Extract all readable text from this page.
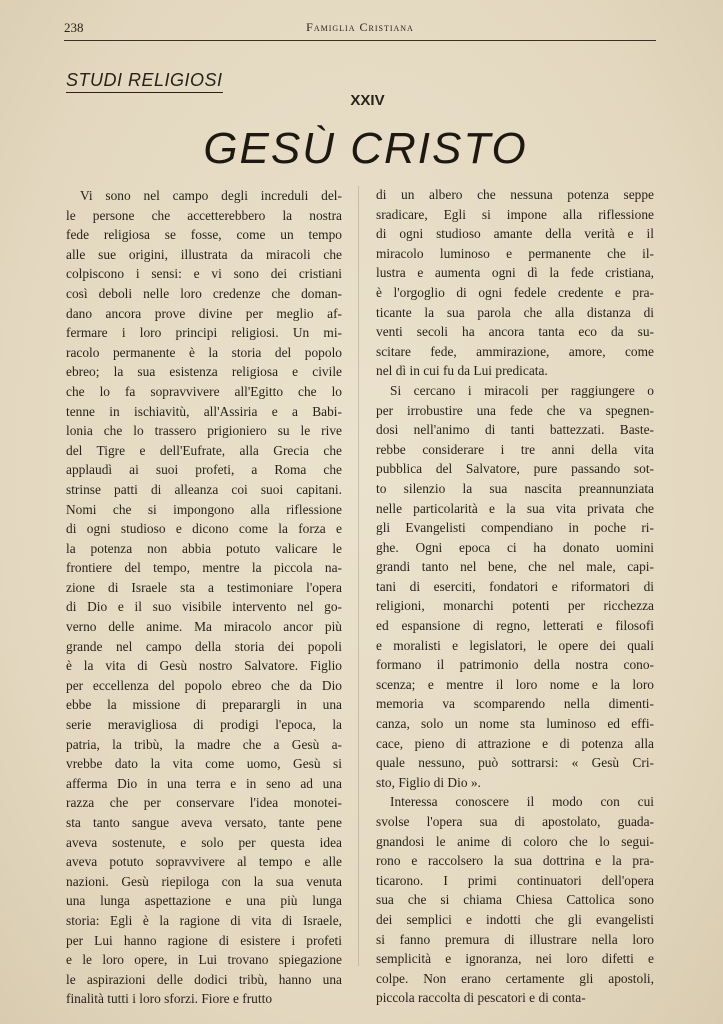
238	Famiglia Cristiana
STUDI RELIGIOSI
XXIV
GESÙ CRISTO
Vi sono nel campo degli increduli del-
le persone che accetterebbero la nostra
fede religiosa se fosse, come un tempo
alle sue origini, illustrata da miracoli che
colpiscono i sensi: e vi sono dei cristiani
così deboli nelle loro credenze che doman-
dano ancora prove divine per meglio af-
fermare i loro principi religiosi. Un mi-
racolo permanente è la storia del popolo
ebreo; la sua esistenza religiosa e civile
che lo fa sopravvivere all'Egitto che lo
tenne in ischiavitù, all'Assiria e a Babi-
lonia che lo trassero prigioniero su le rive
del Tigre e dell'Eufrate, alla Grecia che
applaudì ai suoi profeti, a Roma che
strinse patti di alleanza coi suoi capitani.
Nomi che si impongono alla riflessione
di ogni studioso e dicono come la forza e
la potenza non abbia potuto valicare le
frontiere del tempo, mentre la piccola na-
zione di Israele sta a testimoniare l'opera
di Dio e il suo visibile intervento nel go-
verno delle anime. Ma miracolo ancor più
grande nel campo della storia dei popoli
è la vita di Gesù nostro Salvatore. Figlio
per eccellenza del popolo ebreo che da Dio
ebbe la missione di preparargli in una
serie meravigliosa di prodigi l'epoca, la
patria, la tribù, la madre che a Gesù a-
vrebbe dato la vita come uomo, Gesù si
afferma Dio in una terra e in seno ad una
razza che per conservare l'idea monotei-
sta tanto sangue aveva versato, tante pene
aveva sostenute, e solo per questa idea
aveva potuto sopravvivere al tempo e alle
nazioni. Gesù riepiloga con la sua venuta
una lunga aspettazione e una più lunga
storia: Egli è la ragione di vita di Israele,
per Lui hanno ragione di esistere i profeti
e le loro opere, in Lui trovano spiegazione
le aspirazioni delle dodici tribù, hanno una
finalità tutti i loro sforzi. Fiore e frutto
di un albero che nessuna potenza seppe
sradicare, Egli si impone alla riflessione
di ogni studioso amante della verità e il
miracolo luminoso e permanente che il-
lustra e aumenta ogni dì la fede cristiana,
è l'orgoglio di ogni fedele credente e pra-
ticante la sua parola che alla distanza di
venti secoli ha ancora tanta eco da su-
scitare fede, ammirazione, amore, come
nel dì in cui fu da Lui predicata.
Si cercano i miracoli per raggiungere o
per irrobustire una fede che va spegnen-
dosi nell'animo di tanti battezzati. Baste-
rebbe considerare i tre anni della vita
pubblica del Salvatore, pure passando sot-
to silenzio la sua nascita preannunziata
nelle particolarità e la sua vita privata che
gli Evangelisti compendiano in poche ri-
ghe. Ogni epoca ci ha donato uomini
grandi tanto nel bene, che nel male, capi-
tani di eserciti, fondatori e riformatori di
religioni, monarchi potenti per ricchezza
ed espansione di regno, letterati e filosofi
e moralisti e legislatori, le opere dei quali
formano il patrimonio della nostra cono-
scenza; e mentre il loro nome e la loro
memoria va scomparendo nella dimenti-
canza, solo un nome sta luminoso ed effi-
cace, pieno di attrazione e di potenza alla
quale nessuno, può sottrarsi: « Gesù Cri-
sto, Figlio di Dio ».
Interessa conoscere il modo con cui
svolse l'opera sua di apostolato, guada-
gnandosi le anime di coloro che lo segui-
rono e raccolsero la sua dottrina e la pra-
ticarono. I primi continuatori dell'opera
sua che si chiama Chiesa Cattolica sono
dei semplici e indotti che gli evangelisti
si fanno premura di illustrare nella loro
semplicità e ignoranza, nei loro difetti e
colpe. Non erano certamente gli apostoli,
piccola raccolta di pescatori e di conta-
